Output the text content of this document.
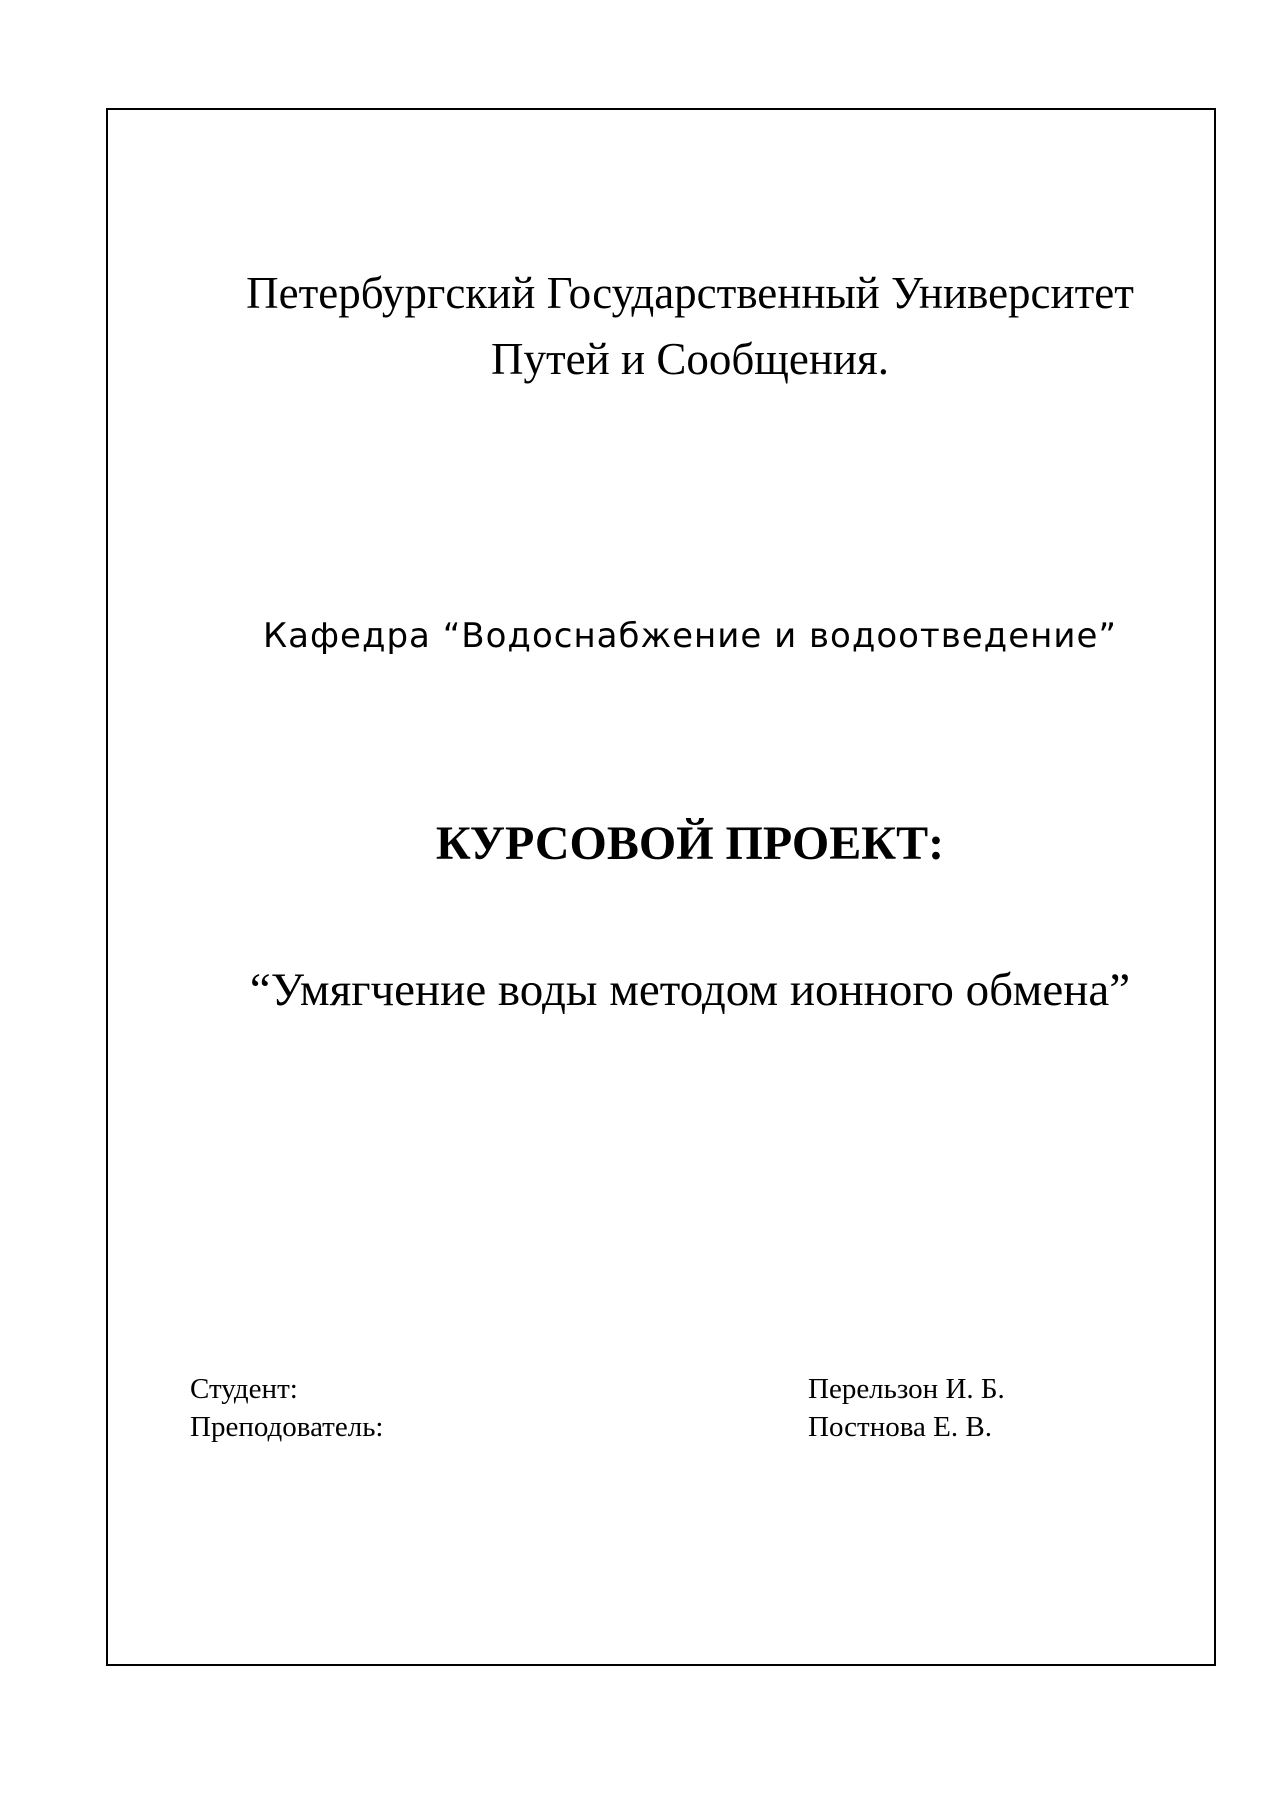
Петербургский Государственный Университет
Путей и Сообщения.
Кафедра “Водоснабжение и водоотведение”
КУРСОВОЙ ПРОЕКТ:
“Умягчение воды методом ионного обмена”
Студент:	Перельзон И. Б.
Преподователь:	Постнова Е. В.
